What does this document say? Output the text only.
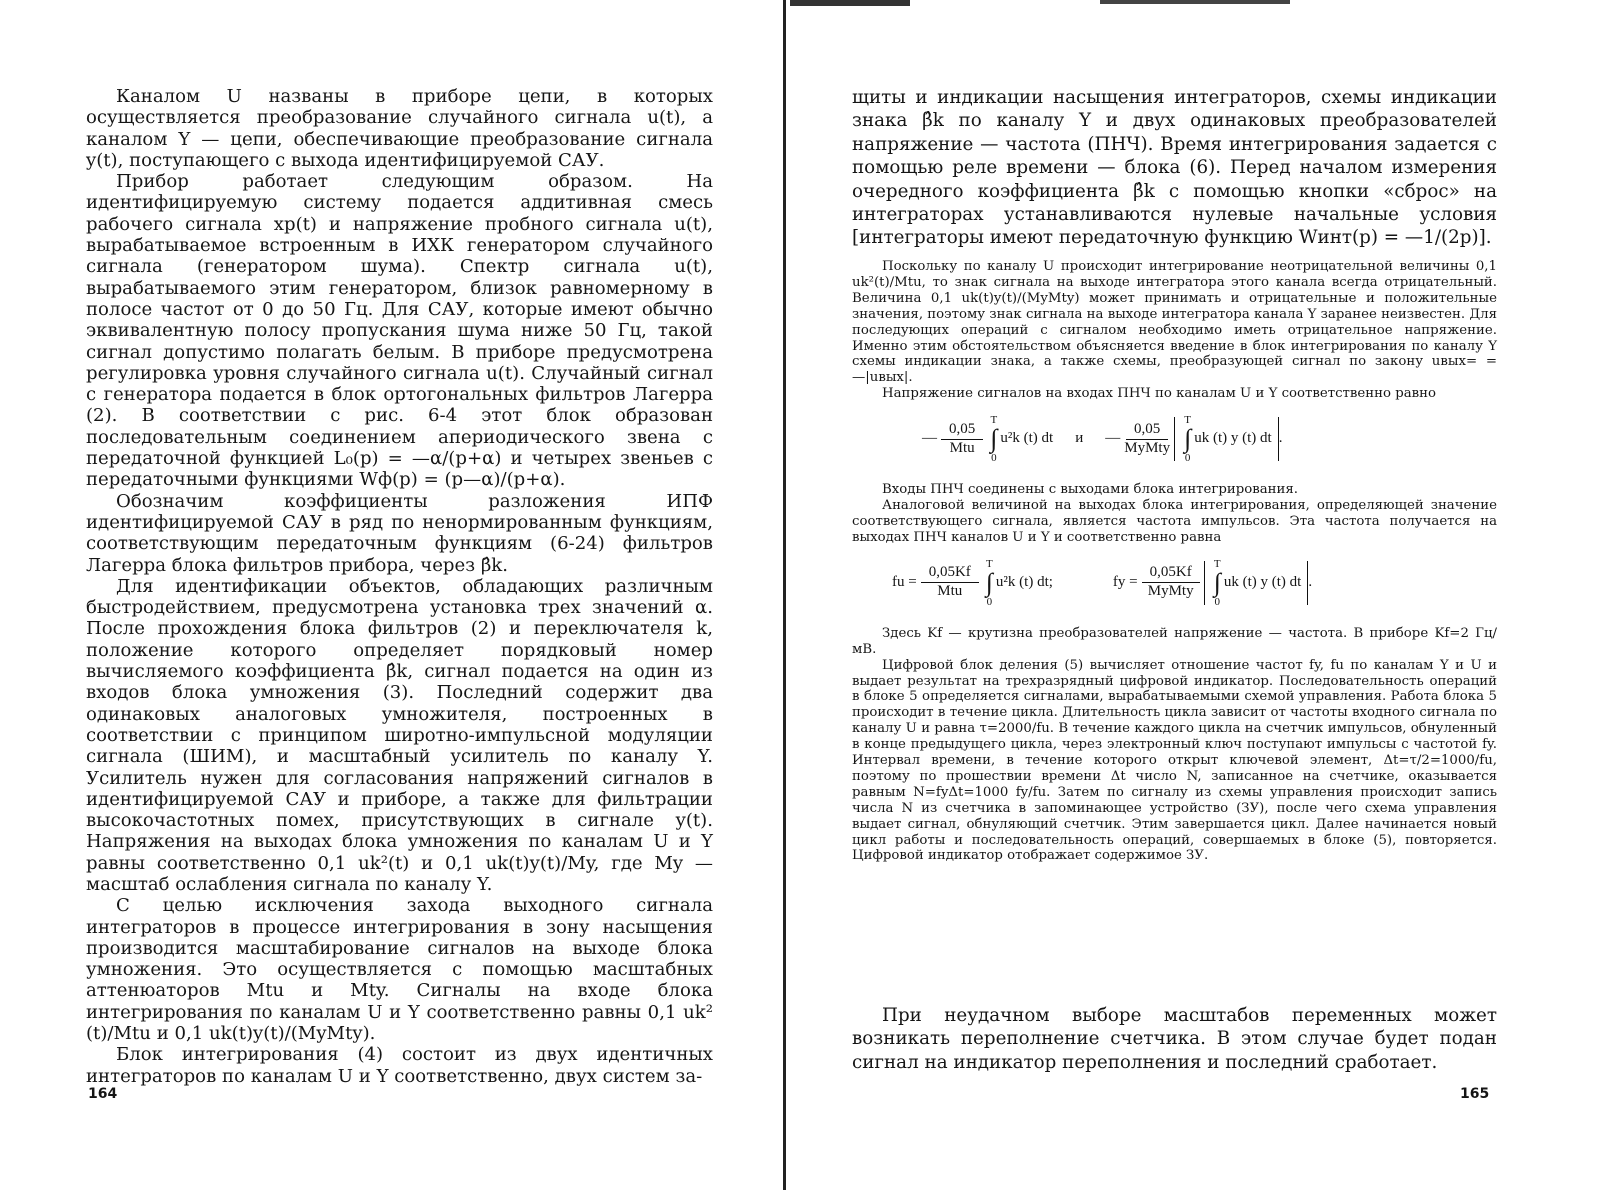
Каналом U названы в приборе цепи, в которых осуществляется преобразование случайного сигнала u(t), а каналом Y — цепи, обеспечивающие преобразование сигнала y(t), поступающего с выхода идентифицируемой САУ.

Прибор работает следующим образом. На идентифицируемую систему подается аддитивная смесь рабочего сигнала xр(t) и напряжение пробного сигнала u(t), вырабатываемое встроенным в ИХК генератором случайного сигнала (генератором шума). Спектр сигнала u(t), вырабатываемого этим генератором, близок равномерному в полосе частот от 0 до 50 Гц. Для САУ, которые имеют обычно эквивалентную полосу пропускания шума ниже 50 Гц, такой сигнал допустимо полагать белым. В приборе предусмотрена регулировка уровня случайного сигнала u(t). Случайный сигнал с генератора подается в блок ортогональных фильтров Лагерра (2). В соответствии с рис. 6-4 этот блок образован последовательным соединением апериодического звена с передаточной функцией L₀(p) = —α/(p+α) и четырех звеньев с передаточными функциями Wф(p) = (p—α)/(p+α).

Обозначим коэффициенты разложения ИПФ идентифицируемой САУ в ряд по ненормированным функциям, соответствующим передаточным функциям (6-24) фильтров Лагерра блока фильтров прибора, через β̂k.

Для идентификации объектов, обладающих различным быстродействием, предусмотрена установка трех значений α. После прохождения блока фильтров (2) и переключателя k, положение которого определяет порядковый номер вычисляемого коэффициента β̂k, сигнал подается на один из входов блока умножения (3). Последний содержит два одинаковых аналоговых умножителя, построенных в соответствии с принципом широтно-импульсной модуляции сигнала (ШИМ), и масштабный усилитель по каналу Y. Усилитель нужен для согласования напряжений сигналов в идентифицируемой САУ и приборе, а также для фильтрации высокочастотных помех, присутствующих в сигнале y(t). Напряжения на выходах блока умножения по каналам U и Y равны соответственно 0,1 uk²(t) и 0,1 uk(t)y(t)/My, где My — масштаб ослабления сигнала по каналу Y.

С целью исключения захода выходного сигнала интеграторов в процессе интегрирования в зону насыщения производится масштабирование сигналов на выходе блока умножения. Это осуществляется с помощью масштабных аттенюаторов Mtu и Mty. Сигналы на входе блока интегрирования по каналам U и Y соответственно равны 0,1 uk² (t)/Mtu и 0,1 uk(t)y(t)/(MyMty).

Блок интегрирования (4) состоит из двух идентичных интеграторов по каналам U и Y соответственно, двух систем за-

164

щиты и индикации насыщения интеграторов, схемы индикации знака β̂k по каналу Y и двух одинаковых преобразователей напряжение — частота (ПНЧ). Время интегрирования задается с помощью реле времени — блока (6). Перед началом измерения очередного коэффициента β̂k с помощью кнопки «сброс» на интеграторах устанавливаются нулевые начальные условия [интеграторы имеют передаточную функцию Wинт(p) = —1/(2p)].

Поскольку по каналу U происходит интегрирование неотрицательной величины 0,1 uk²(t)/Mtu, то знак сигнала на выходе интегратора этого канала всегда отрицательный. Величина 0,1 uk(t)y(t)/(MyMty) может принимать и отрицательные и положительные значения, поэтому знак сигнала на выходе интегратора канала Y заранее неизвестен. Для последующих операций с сигналом необходимо иметь отрицательное напряжение. Именно этим обстоятельством объясняется введение в блок интегрирования по каналу Y схемы индикации знака, а также схемы, преобразующей сигнал по закону uвых= = —|uвых|.

Напряжение сигналов на входах ПНЧ по каналам U и Y соответственно равно

— $\frac{0,05}{\text{Mtu}}$
T
∫
0
u²k (t) dt и — $\frac{0,05}{\text{MyMty}}$
T
∫
0
uk (t) y (t) dt .

Входы ПНЧ соединены с выходами блока интегрирования.

Аналоговой величиной на выходах блока интегрирования, определяющей значение соответствующего сигнала, является частота импульсов. Эта частота получается на выходах ПНЧ каналов U и Y и соответственно равна

fu = $\frac{0,05Kf}{\text{Mtu}}$
T
∫
0
u²k (t) dt;	fy = $\frac{0,05Kf}{\text{MyMty}}$
T
∫
0
uk (t) y (t) dt .

Здесь Kf — крутизна преобразователей напряжение — частота. В приборе Kf=2 Гц/мВ.

Цифровой блок деления (5) вычисляет отношение частот fy, fu по каналам Y и U и выдает результат на трехразрядный цифровой индикатор. Последовательность операций в блоке 5 определяется сигналами, вырабатываемыми схемой управления. Работа блока 5 происходит в течение цикла. Длительность цикла зависит от частоты входного сигнала по каналу U и равна τ=2000/fu. В течение каждого цикла на счетчик импульсов, обнуленный в конце предыдущего цикла, через электронный ключ поступают импульсы с частотой fy. Интервал времени, в течение которого открыт ключевой элемент, Δt=τ/2=1000/fu, поэтому по прошествии времени Δt число N, записанное на счетчике, оказывается равным N=fyΔt=1000 fy/fu. Затем по сигналу из схемы управления происходит запись числа N из счетчика в запоминающее устройство (ЗУ), после чего схема управления выдает сигнал, обнуляющий счетчик. Этим завершается цикл. Далее начинается новый цикл работы и последовательность операций, совершаемых в блоке (5), повторяется. Цифровой индикатор отображает содержимое ЗУ.

При неудачном выборе масштабов переменных может возникать переполнение счетчика. В этом случае будет подан сигнал на индикатор переполнения и последний сработает.

165
